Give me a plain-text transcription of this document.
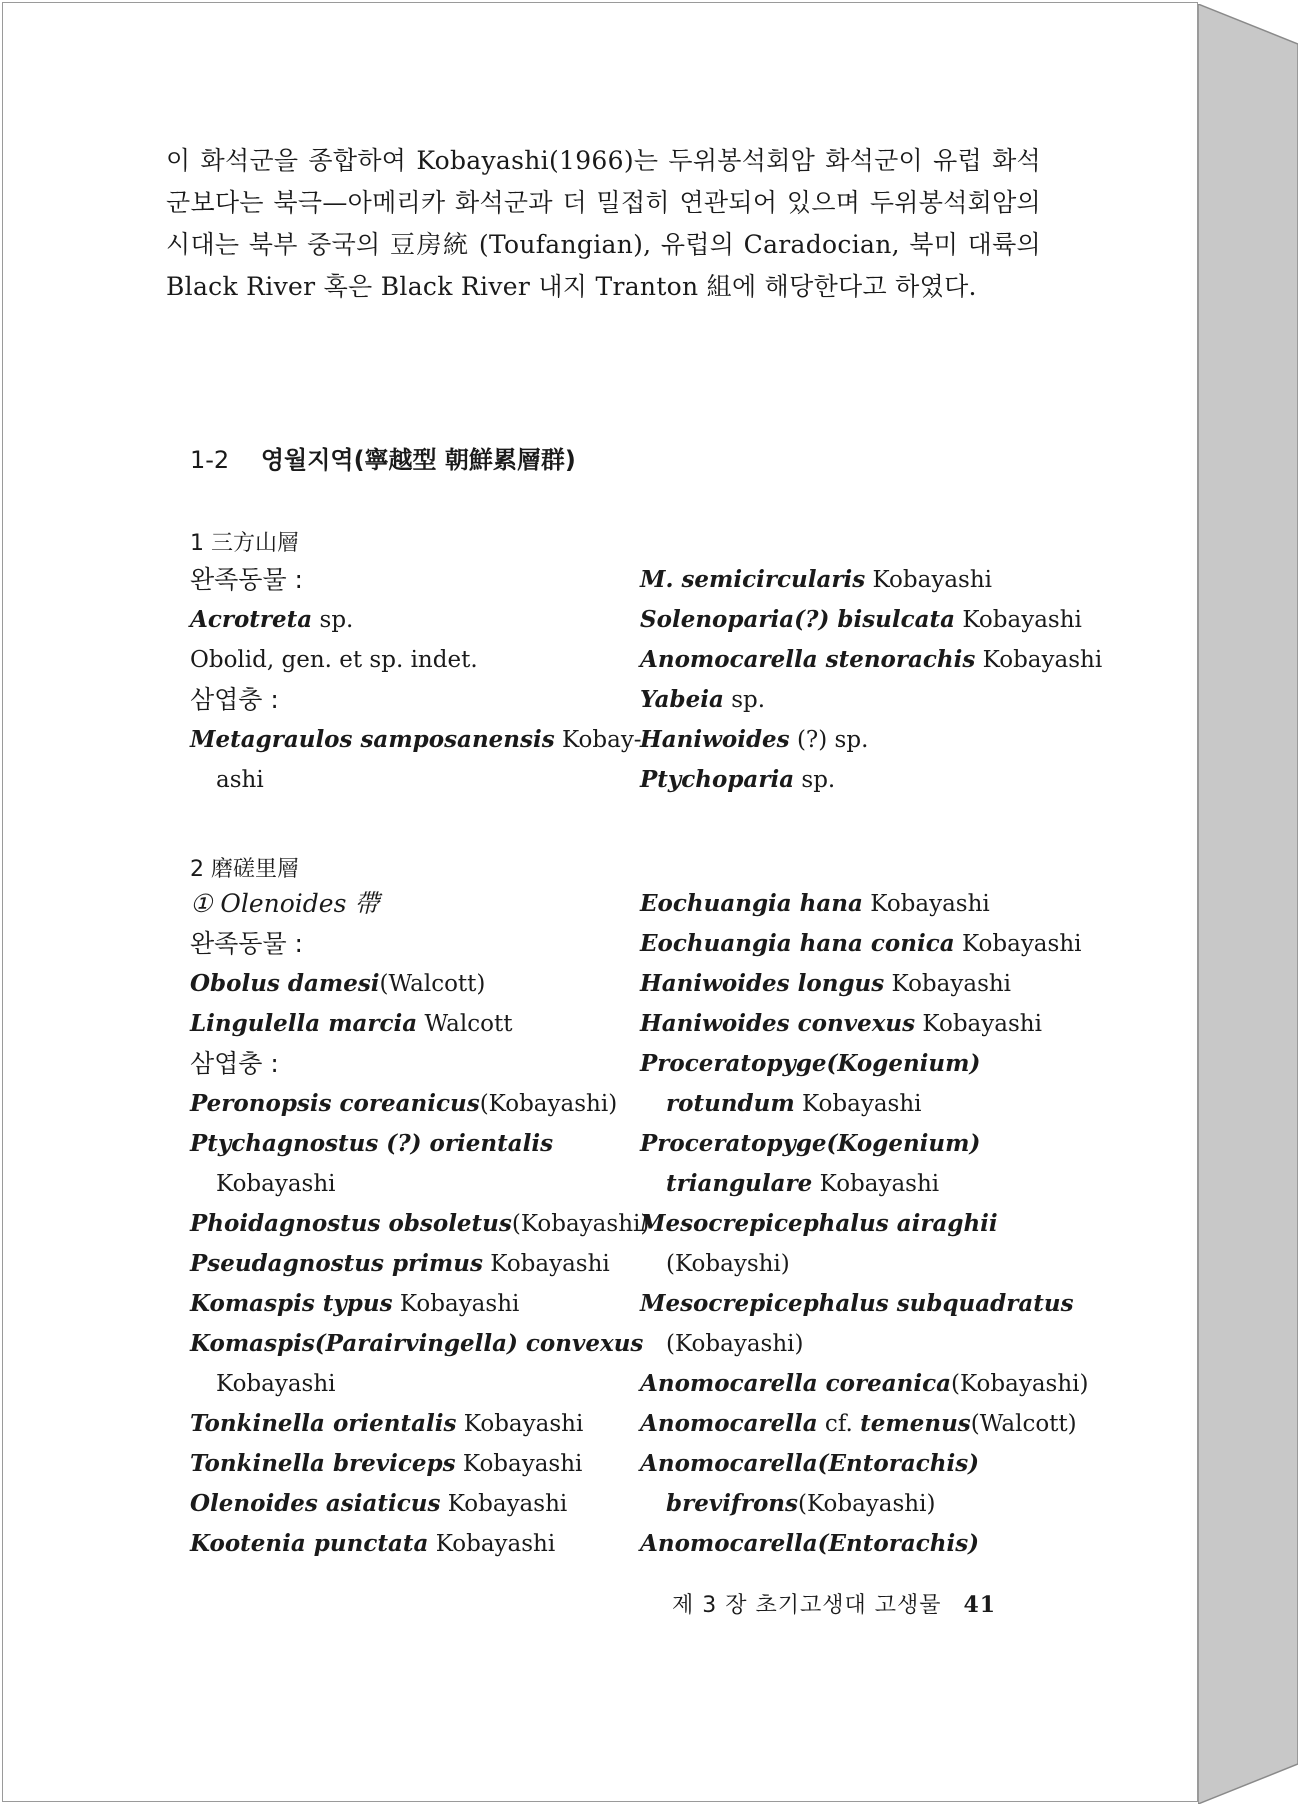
이 화석군을 종합하여 Kobayashi(1966)는 두위봉석회암 화석군이 유럽 화석군보다는 북극—아메리카 화석군과 더 밀접히 연관되어 있으며 두위봉석회암의 시대는 북부 중국의 豆房統 (Toufangian), 유럽의 Caradocian, 북미 대륙의 Black River 혹은 Black River 내지 Tranton 組에 해당한다고 하였다.
1-2 영월지역(寧越型 朝鮮累層群)
1 三方山層
완족동물 :
Acrotreta sp.
Obolid, gen. et sp. indet.
삼엽충 :
Metagraulos samposanensis Kobay-
ashi
M. semicircularis Kobayashi
Solenoparia(?) bisulcata Kobayashi
Anomocarella stenorachis Kobayashi
Yabeia sp.
Haniwoides (?) sp.
Ptychoparia sp.
2 磨磋里層
① Olenoides 帶
완족동물 :
Obolus damesi(Walcott)
Lingulella marcia Walcott
삼엽충 :
Peronopsis coreanicus(Kobayashi)
Ptychagnostus (?) orientalis
Kobayashi
Phoidagnostus obsoletus(Kobayashi)
Pseudagnostus primus Kobayashi
Komaspis typus Kobayashi
Komaspis(Parairvingella) convexus
Kobayashi
Tonkinella orientalis Kobayashi
Tonkinella breviceps Kobayashi
Olenoides asiaticus Kobayashi
Kootenia punctata Kobayashi
Eochuangia hana Kobayashi
Eochuangia hana conica Kobayashi
Haniwoides longus Kobayashi
Haniwoides convexus Kobayashi
Proceratopyge(Kogenium)
rotundum Kobayashi
Proceratopyge(Kogenium)
triangulare Kobayashi
Mesocrepicephalus airaghii
(Kobayshi)
Mesocrepicephalus subquadratus
(Kobayashi)
Anomocarella coreanica(Kobayashi)
Anomocarella cf. temenus(Walcott)
Anomocarella(Entorachis)
brevifrons(Kobayashi)
Anomocarella(Entorachis)
제 3 장 초기고생대 고생물 41
